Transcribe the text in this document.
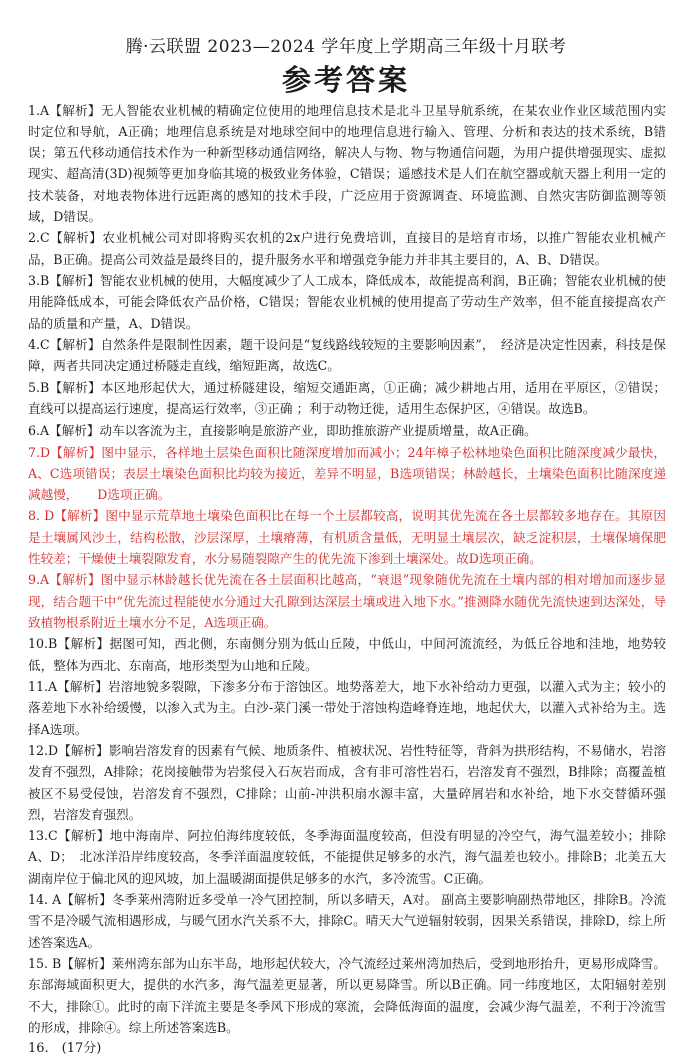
腾·云联盟 2023—2024 学年度上学期高三年级十月联考
参考答案

1.A【解析】无人智能农业机械的精确定位使用的地理信息技术是北斗卫星导航系统，在某农业作业区域范围内实时定位和导航，A正确；地理信息系统是对地球空间中的地理信息进行输入、管理、分析和表达的技术系统，B错误；第五代移动通信技术作为一种新型移动通信网络，解决人与物、物与物通信问题，为用户提供增强现实、虚拟现实、超高清(3D)视频等更加身临其境的极致业务体验，C错误；遥感技术是人们在航空器或航天器上利用一定的技术装备，对地表物体进行远距离的感知的技术手段，广泛应用于资源调查、环境监测、自然灾害防御监测等领域，D错误。

2.C【解析】农业机械公司对即将购买农机的2x户进行免费培训，直接目的是培育市场，以推广智能农业机械产品，B正确。提高公司效益是最终目的，提升服务水平和增强竞争能力并非其主要目的，A、B、D错误。

3.B【解析】智能农业机械的使用，大幅度减少了人工成本，降低成本，故能提高利润，B正确；智能农业机械的使用能降低成本，可能会降低农产品价格，C错误；智能农业机械的使用提高了劳动生产效率，但不能直接提高农产品的质量和产量，A、D错误。

4.C【解析】自然条件是限制性因素，题干设问是“复线路线较短的主要影响因素”，　经济是决定性因素，科技是保障，两者共同决定通过桥隧走直线，缩短距离，故选C。

5.B【解析】本区地形起伏大，通过桥隧建设，缩短交通距离，①正确；减少耕地占用，适用在平原区，②错误；直线可以提高运行速度，提高运行效率，③正确 ；利于动物迁徙，适用生态保护区，④错误。故选B。

6.A【解析】动车以客流为主，直接影响是旅游产业，即助推旅游产业提质增量，故A正确。

7.D【解析】图中显示，各样地土层染色面积比随深度增加而减小；24年樟子松林地染色面积比随深度减少最快，A、C选项错误；表层土壤染色面积比均较为接近，差异不明显，B选项错误；林龄越长，土壤染色面积比随深度递减越慢，　　D选项正确。

8. D【解析】图中显示荒草地土壤染色面积比在每一个土层都较高，说明其优先流在各土层都较多地存在。其原因是土壤属风沙土，结构松散，沙层深厚，土壤瘠薄，有机质含量低，无明显土壤层次，缺乏淀积层，土壤保墒保肥性较差；干燥使土壤裂隙发育，水分易随裂隙产生的优先流下渗到土壤深处。故D选项正确。

9.A【解析】图中显示林龄越长优先流在各土层面积比越高，“衰退”现象随优先流在土壤内部的相对增加而逐步显现，结合题干中“优先流过程能使水分通过大孔隙到达深层土壤或进入地下水。”推测降水随优先流快速到达深处，导致植物根系附近土壤水分不足，A选项正确。

10.B【解析】据图可知，西北侧，东南侧分别为低山丘陵，中低山，中间河流流经，为低丘谷地和洼地，地势较低，整体为西北、东南高，地形类型为山地和丘陵。

11.A【解析】岩溶地貌多裂隙，下渗多分布于溶蚀区。地势落差大，地下水补给动力更强，以灌入式为主；较小的落差地下水补给缓慢，以渗入式为主。白沙-菜门溪一带处于溶蚀构造峰脊连地，地起伏大，以灌入式补给为主。选择A选项。

12.D【解析】影响岩溶发育的因素有气候、地质条件、植被状况、岩性特征等，背斜为拱形结构，不易储水，岩溶发育不强烈，A排除；花岗接触带为岩浆侵入石灰岩而成，含有非可溶性岩石，岩溶发育不强烈，B排除；高覆盖植被区不易受侵蚀，岩溶发育不强烈，C排除；山前-冲洪积扇水源丰富，大量碎屑岩和水补给，地下水交替循环强烈，岩溶发育强烈。

13.C【解析】地中海南岸、阿拉伯海纬度较低，冬季海面温度较高，但没有明显的冷空气，海气温差较小；排除A、D；　北冰洋沿岸纬度较高，冬季洋面温度较低，不能提供足够多的水汽，海气温差也较小。排除B；北美五大湖南岸位于偏北风的迎风坡，加上温暖湖面提供足够多的水汽，多冷流雪。C正确。

14. A【解析】冬季莱州湾附近多受单一冷气团控制，所以多晴天，A对。 副高主要影响副热带地区，排除B。冷流雪不是冷暖气流相遇形成，与暖气团水汽关系不大，排除C。晴天大气逆辐射较弱，因果关系错误，排除D，综上所述答案选A。

15. B【解析】莱州湾东部为山东半岛，地形起伏较大，冷气流经过莱州湾加热后，受到地形抬升，更易形成降雪。东部海域面积更大，提供的水汽多，海气温差更显著，所以更易降雪。所以B正确。同一纬度地区，太阳辐射差别不大，排除①。此时的南下洋流主要是冬季风下形成的寒流，会降低海面的温度，会减少海气温差，不利于冷流雪的形成，排除④。综上所述答案选B。

16.　(17分)
